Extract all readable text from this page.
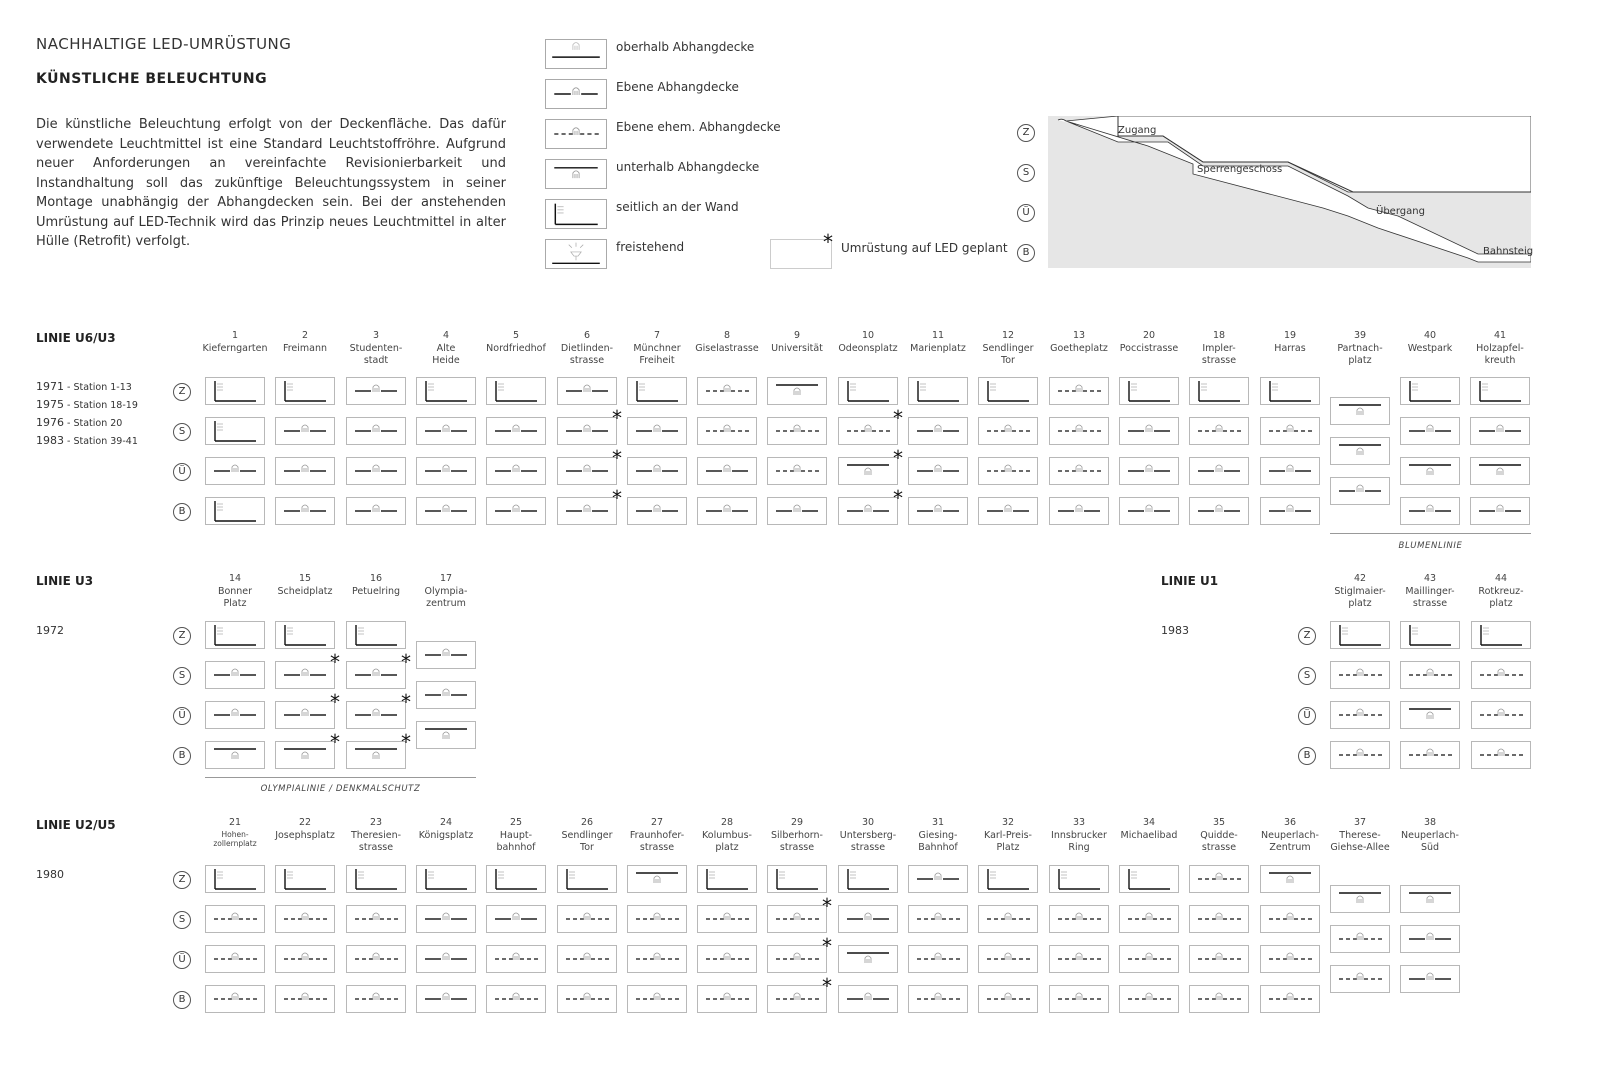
NACHHALTIGE LED-UMRÜSTUNG
KÜNSTLICHE BELEUCHTUNG
Die künstliche Beleuchtung erfolgt von der Deckenfläche. Das dafür verwendete Leuchtmittel ist eine Standard Leuchtstoffröhre. Aufgrund neuer Anforderungen an vereinfachte Revisionierbarkeit und Instandhaltung soll das zukünftige Beleuchtungssystem in seiner Montage unabhängig der Abhangdecken sein. Bei der anstehenden Umrüstung auf LED-Technik wird das Prinzip neues Leuchtmittel in alter Hülle (Retrofit) verfolgt.
oberhalb Abhangdecke
Ebene Abhangdecke
Ebene ehem. Abhangdecke
unterhalb Abhangdecke
seitlich an der Wand
freistehend	* Umrüstung auf LED geplant
Z
S
Ü
B
Zugang
Sperrengeschoss
Übergang
Bahnsteig
LINIE U6/U3
1971 - Station 1-13
1975 - Station 18-19
1976 - Station 20
1983 - Station 39-41
Z
S
Ü
B
1
Kieferngarten
2
Freimann
3
Studenten-
stadt
4
Alte
Heide
5
Nordfriedhof
6
Dietlinden-
strasse
*
*
*
7
Münchner
Freiheit
8
Giselastrasse
9
Universität
10
Odeonsplatz
*
*
*
11
Marienplatz
12
Sendlinger
Tor
13
Goetheplatz
20
Poccistrasse
18
Impler-
strasse
19
Harras
39
Partnach-
platz
40
Westpark
41
Holzapfel-
kreuth
BLUMENLINIE
LINIE U3
1972	Z
S
Ü
B
14
Bonner
Platz
15
Scheidplatz
*
*
*
16
Petuelring
*
*
*
17
Olympia-
zentrum
OLYMPIALINIE / DENKMALSCHUTZ
LINIE U1
1983	Z
S
Ü
B
42
Stiglmaier-
platz
43
Maillinger-
strasse
44
Rotkreuz-
platz
LINIE U2/U5
1980	Z
S
Ü
B
21
Hohen-
zollernplatz
22
Josephsplatz
23
Theresien-
strasse
24
Königsplatz
25
Haupt-
bahnhof
26
Sendlinger
Tor
27
Fraunhofer-
strasse
28
Kolumbus-
platz
29
Silberhorn-
strasse
*
*
*
30
Untersberg-
strasse
31
Giesing-
Bahnhof
32
Karl-Preis-
Platz
33
Innsbrucker
Ring
34
Michaelibad
35
Quidde-
strasse
36
Neuperlach-
Zentrum
37
Therese-
Giehse-Allee
38
Neuperlach-
Süd
